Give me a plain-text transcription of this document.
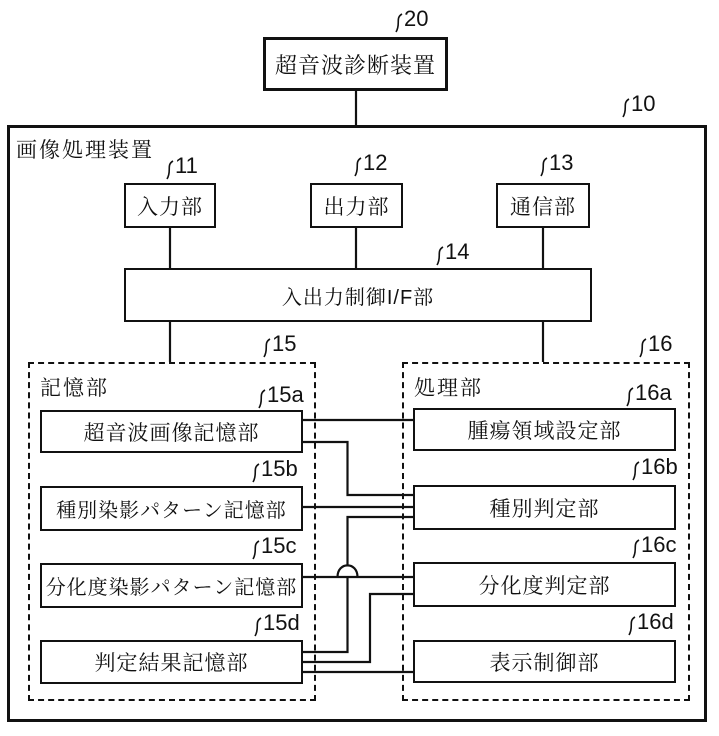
画像処理装置
超音波診断装置
入力部	出力部	通信部
入出力制御I/F部
記憶部	処理部
超音波画像記憶部
種別染影パターン記憶部
分化度染影パターン記憶部
判定結果記憶部
腫瘍領域設定部
種別判定部
分化度判定部
表示制御部
20
10
11	12	13
14
15	16
15a
15b
15c
15d
16a
16b
16c
16d
